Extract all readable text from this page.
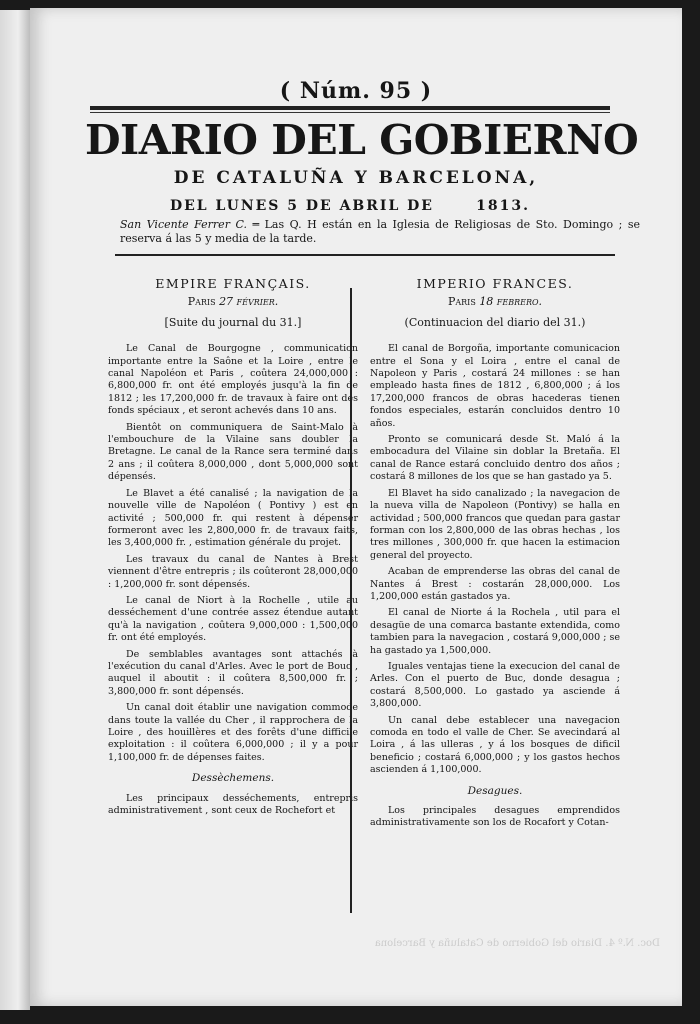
( Núm. 95 )
DIARIO DEL GOBIERNO
DE CATALUÑA Y BARCELONA,
DEL LUNES 5 DE ABRIL DE	1813.
San Vicente Ferrer C. ═ Las Q. H están en la Iglesia de Religiosas de Sto. Domingo ; se reserva á las 5 y media de la tarde.
EMPIRE FRANÇAIS.
Paris 27 février.
[Suite du journal du 31.]

Le Canal de Bourgogne , communication importante entre la Saône et la Loire , entre le canal Napoléon et Paris , coûtera 24,000,000 : 6,800,000 fr. ont été employés jusqu'à la fin de 1812 ; les 17,200,000 fr. de travaux à faire ont des fonds spéciaux , et seront achevés dans 10 ans.

Bientôt on communiquera de Saint-Malo à l'embouchure de la Vilaine sans doubler la Bretagne. Le canal de la Rance sera terminé dans 2 ans ; il coûtera 8,000,000 , dont 5,000,000 sont dépensés.

Le Blavet a été canalisé ; la navigation de la nouvelle ville de Napoléon ( Pontivy ) est en activité ; 500,000 fr. qui restent à dépenser formeront avec les 2,800,000 fr. de travaux faits, les 3,400,000 fr. , estimation générale du projet.

Les travaux du canal de Nantes à Brest viennent d'être entrepris ; ils coûteront 28,000,000 : 1,200,000 fr. sont dépensés.

Le canal de Niort à la Rochelle , utile au desséchement d'une contrée assez étendue autant qu'à la navigation , coûtera 9,000,000 : 1,500,000 fr. ont été employés.

De semblables avantages sont attachés à l'exécution du canal d'Arles. Avec le port de Bouc , auquel il aboutit : il coûtera 8,500,000 fr. ; 3,800,000 fr. sont dépensés.

Un canal doit établir une navigation commode dans toute la vallée du Cher , il rapprochera de la Loire , des houillères et des forêts d'une difficile exploitation : il coûtera 6,000,000 ; il y a pour 1,100,000 fr. de dépenses faites.

Dessèchemens.

Les principaux desséchements, entrepris administrativement , sont ceux de Rochefort et

IMPERIO FRANCES.
Paris 18 febrero.
(Continuacion del diario del 31.)

El canal de Borgoña, importante comunicacion entre el Sona y el Loira , entre el canal de Napoleon y Paris , costará 24 millones : se han empleado hasta fines de 1812 , 6,800,000 ; á los 17,200,000 francos de obras hacederas tienen fondos especiales, estarán concluidos dentro 10 años.

Pronto se comunicará desde St. Maló á la embocadura del Vilaine sin doblar la Bretaña. El canal de Rance estará concluido dentro dos años ; costará 8 millones de los que se han gastado ya 5.

El Blavet ha sido canalizado ; la navegacion de la nueva villa de Napoleon (Pontivy) se halla en actividad ; 500,000 francos que quedan para gastar forman con los 2,800,000 de las obras hechas , los tres millones , 300,000 fr. que hacen la estimacion general del proyecto.

Acaban de emprenderse las obras del canal de Nantes á Brest : costarán 28,000,000. Los 1,200,000 están gastados ya.

El canal de Niorte á la Rochela , util para el desagüe de una comarca bastante extendida, como tambien para la navegacion , costará 9,000,000 ; se ha gastado ya 1,500,000.

Iguales ventajas tiene la execucion del canal de Arles. Con el puerto de Buc, donde desagua ; costará 8,500,000. Lo gastado ya asciende á 3,800,000.

Un canal debe establecer una navegacion comoda en todo el valle de Cher. Se avecindará al Loira , á las ulleras , y á los bosques de dificil beneficio ; costará 6,000,000 ; y los gastos hechos ascienden á 1,100,000.

Desagues.

Los principales desagues emprendidos administrativamente son los de Rocafort y Cotan-

Doc. N.º 4. Diario del Gobierno de Cataluña y Barcelona
